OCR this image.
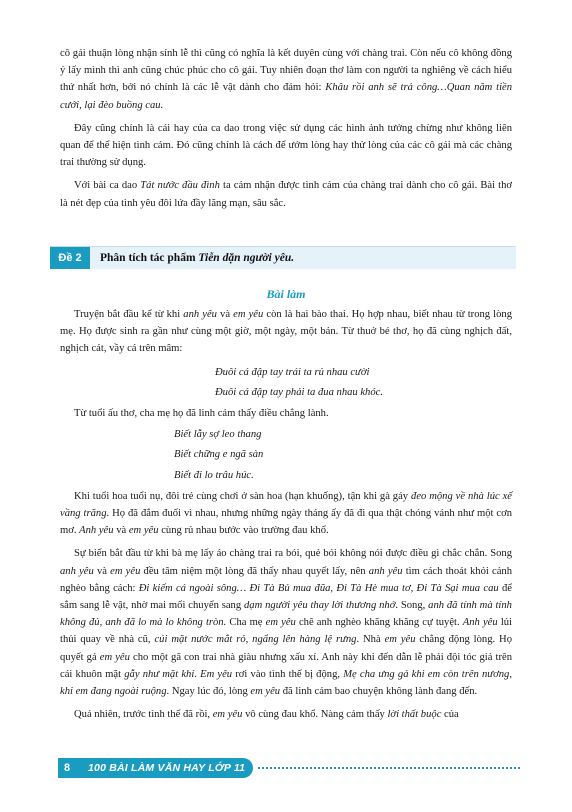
cô gái thuận lòng nhận sính lễ thì cũng có nghĩa là kết duyên cùng với chàng trai. Còn nếu cô không đồng ý lấy mình thì anh cũng chúc phúc cho cô gái. Tuy nhiên đoạn thơ làm con người ta nghiêng về cách hiểu thứ nhất hơn, bởi nó chính là các lễ vật dành cho đám hỏi: Khâu rồi anh sẽ trả công…Quan năm tiền cưới, lại đèo buồng cau.

Đây cũng chính là cái hay của ca dao trong việc sử dụng các hình ảnh tưởng chừng như không liên quan để thể hiện tình cảm. Đó cũng chính là cách để ướm lòng hay thử lòng của các cô gái mà các chàng trai thường sử dụng.

Với bài ca dao Tát nước đầu đình ta cảm nhận được tình cảm của chàng trai dành cho cô gái. Bài thơ là nét đẹp của tình yêu đôi lứa đầy lãng mạn, sâu sắc.

Đề 2	Phân tích tác phẩm Tiễn dặn người yêu.
Bài làm

Truyện bắt đầu kể từ khi anh yêu và em yêu còn là hai bào thai. Họ hợp nhau, biết nhau từ trong lòng mẹ. Họ được sinh ra gần như cùng một giờ, một ngày, một bản. Từ thuở bé thơ, họ đã cùng nghịch đất, nghịch cát, vầy cá trên mâm:

Đuôi cá đập tay trái ta rủ nhau cười
Đuôi cá đập tay phải ta đua nhau khóc.

Từ tuổi ấu thơ, cha mẹ họ đã linh cảm thấy điều chẳng lành.

Biết lẫy sợ leo thang
Biết chững e ngã sàn
Biết đi lo trâu húc.

Khi tuổi hoa tuổi nụ, đôi trẻ cùng chơi ở sàn hoa (hạn khuống), tận khi gà gáy đeo mộng về nhà lúc xế vầng trăng. Họ đã đắm đuối vì nhau, nhưng những ngày tháng ấy đã đi qua thật chóng vánh như một cơn mơ. Anh yêu và em yêu cùng rủ nhau bước vào trường đau khổ.

Sự biến bắt đầu từ khi bà mẹ lấy áo chàng trai ra bói, quẻ bói không nói được điều gì chắc chắn. Song anh yêu và em yêu đều tâm niệm một lòng đã thấy nhau quyết lấy, nên anh yêu tìm cách thoát khỏi cảnh nghèo bằng cách: Đi kiếm cá ngoài sông… Đi Tà Bủ mua đũa, Đi Tà Hè mua tơ, Đi Tà Sại mua cau để sắm sang lễ vật, nhờ mai mối chuyển sang dạm người yêu thay lời thương nhớ. Song, anh đã tính mà tính không đủ, anh đã lo mà lo không tròn. Cha mẹ em yêu chê anh nghèo khăng khăng cự tuyệt. Anh yêu lủi thủi quay về nhà cũ, cúi mặt nước mắt rỏ, ngẩng lên hàng lệ rưng. Nhà em yêu chẳng động lòng. Họ quyết gả em yêu cho một gã con trai nhà giàu nhưng xấu xí. Anh này khi đến dẫn lễ phải đội tóc giả trên cái khuôn mặt gẫy như mặt khỉ. Em yêu rơi vào tình thế bị động, Mẹ cha ưng gả khi em còn trên nương, khi em đang ngoài ruộng. Ngay lúc đó, lòng em yêu đã linh cảm bao chuyện không lành đang đến.

Quả nhiên, trước tình thế đã rồi, em yêu vô cùng đau khổ. Nàng cảm thấy lời thất buộc của

8	100 BÀI LÀM VĂN HAY LỚP 11
